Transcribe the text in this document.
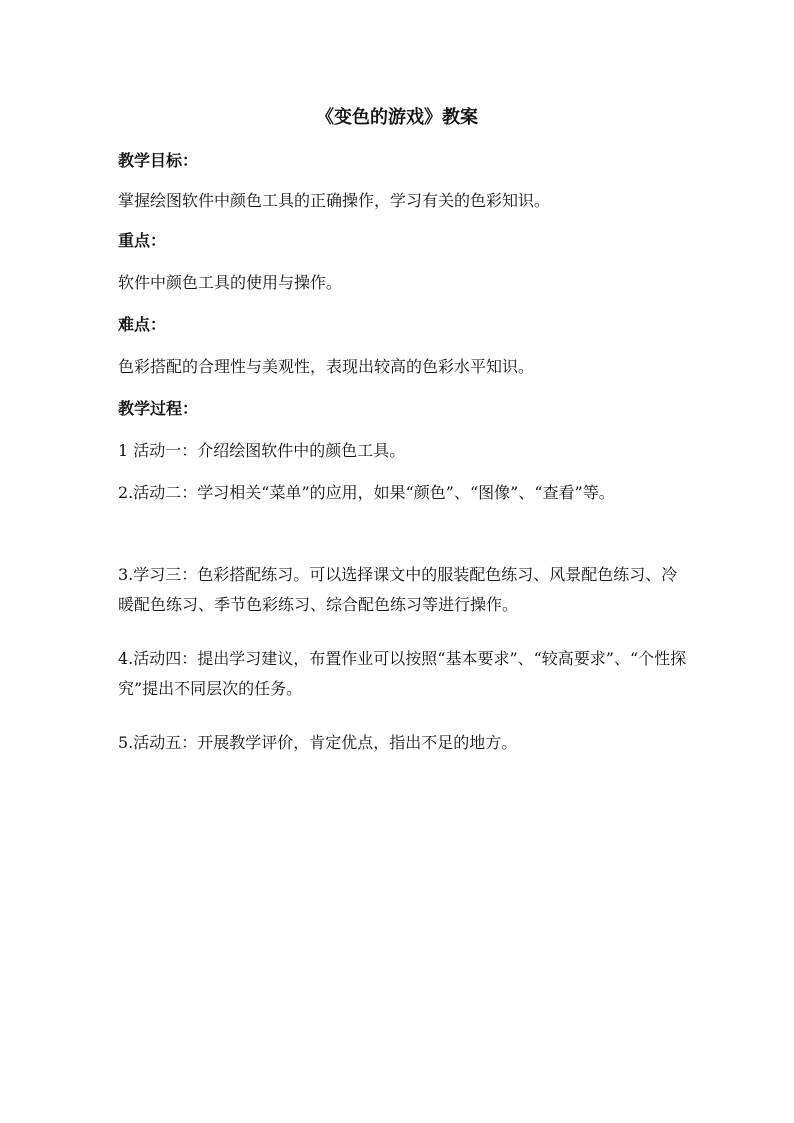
《变色的游戏》教案
教学目标：
掌握绘图软件中颜色工具的正确操作，学习有关的色彩知识。
重点：
软件中颜色工具的使用与操作。
难点：
色彩搭配的合理性与美观性，表现出较高的色彩水平知识。
教学过程：
1 活动一：介绍绘图软件中的颜色工具。
2.活动二：学习相关“菜单”的应用，如果“颜色”、“图像”、“查看”等。
3.学习三：色彩搭配练习。可以选择课文中的服装配色练习、风景配色练习、冷暖配色练习、季节色彩练习、综合配色练习等进行操作。
4.活动四：提出学习建议，布置作业可以按照“基本要求”、“较高要求”、“个性探究”提出不同层次的任务。
5.活动五：开展教学评价，肯定优点，指出不足的地方。
